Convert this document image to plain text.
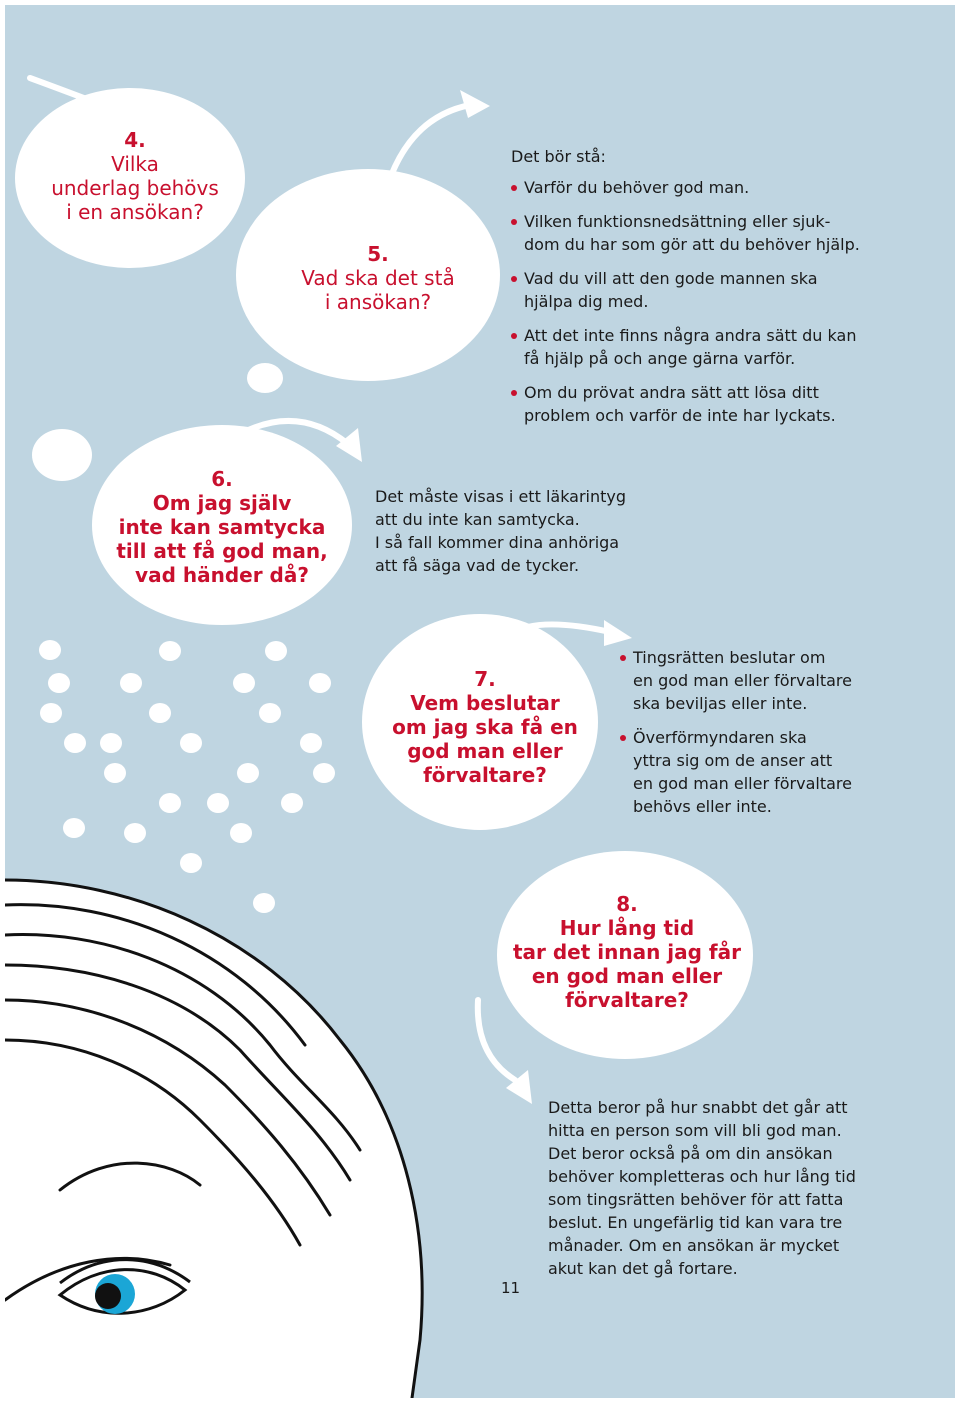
4.
Vilka
underlag behövs
i en ansökan?
5.
Vad ska det stå
i ansökan?
6.
Om jag själv
inte kan samtycka
till att få god man,
vad händer då?
7.
Vem beslutar
om jag ska få en
god man eller
förvaltare?
8.
Hur lång tid
tar det innan jag får
en god man eller
förvaltare?

Det bör stå:

Varför du behöver god man.
Vilken funktionsnedsättning eller sjuk-
dom du har som gör att du behöver hjälp.
Vad du vill att den gode mannen ska
hjälpa dig med.
Att det inte finns några andra sätt du kan
få hjälp på och ange gärna varför.
Om du prövat andra sätt att lösa ditt
problem och varför de inte har lyckats.

Det måste visas i ett läkarintyg

att du inte kan samtycka.

I så fall kommer dina anhöriga

att få säga vad de tycker.

Tingsrätten beslutar om
en god man eller förvaltare
ska beviljas eller inte.
Överförmyndaren ska
yttra sig om de anser att
en god man eller förvaltare
behövs eller inte.

Detta beror på hur snabbt det går att

hitta en person som vill bli god man.

Det beror också på om din ansökan

behöver kompletteras och hur lång tid

som tingsrätten behöver för att fatta

beslut. En ungefärlig tid kan vara tre

månader. Om en ansökan är mycket

akut kan det gå fortare.

11
